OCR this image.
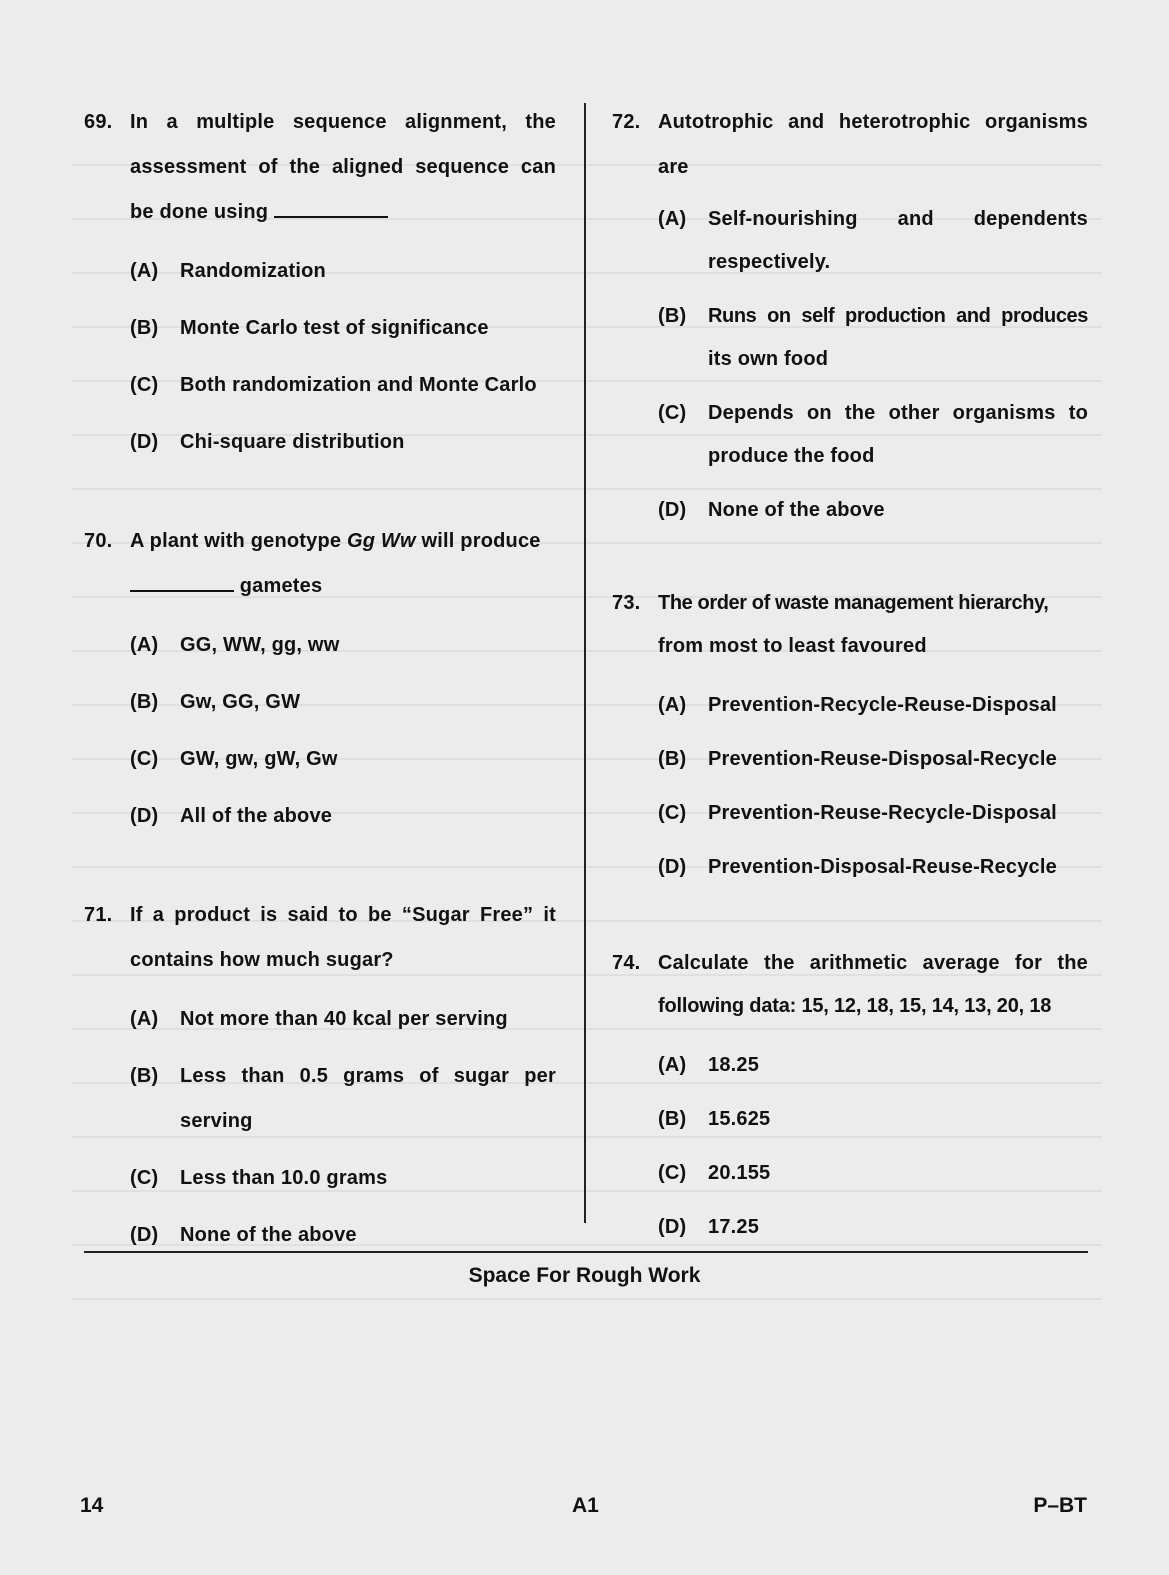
69. In a multiple sequence alignment, the
assessment of the aligned sequence can
be done using
(A)	Randomization
(B)	Monte Carlo test of significance
(C)	Both randomization and Monte Carlo
(D)	Chi-square distribution
70. A plant with genotype Gg Ww will produce
gametes
(A)	GG, WW, gg, ww
(B)	Gw, GG, GW
(C)	GW, gw, gW, Gw
(D)	All of the above
71. If a product is said to be “Sugar Free” it
contains how much sugar?
(A)	Not more than 40 kcal per serving
(B)	Less than 0.5 grams of sugar per
serving
(C)	Less than 10.0 grams
(D)	None of the above
72. Autotrophic and heterotrophic organisms
are
(A)	Self-nourishing and dependents
respectively.
(B)	Runs on self production and produces
its own food
(C)	Depends on the other organisms to
produce the food
(D)	None of the above
73. The order of waste management hierarchy,
from most to least favoured
(A)	Prevention-Recycle-Reuse-Disposal
(B)	Prevention-Reuse-Disposal-Recycle
(C)	Prevention-Reuse-Recycle-Disposal
(D)	Prevention-Disposal-Reuse-Recycle
74. Calculate the arithmetic average for the
following data: 15, 12, 18, 15, 14, 13, 20, 18
(A)	18.25
(B)	15.625
(C)	20.155
(D)	17.25
Space For Rough Work
14	A1	P–BT
